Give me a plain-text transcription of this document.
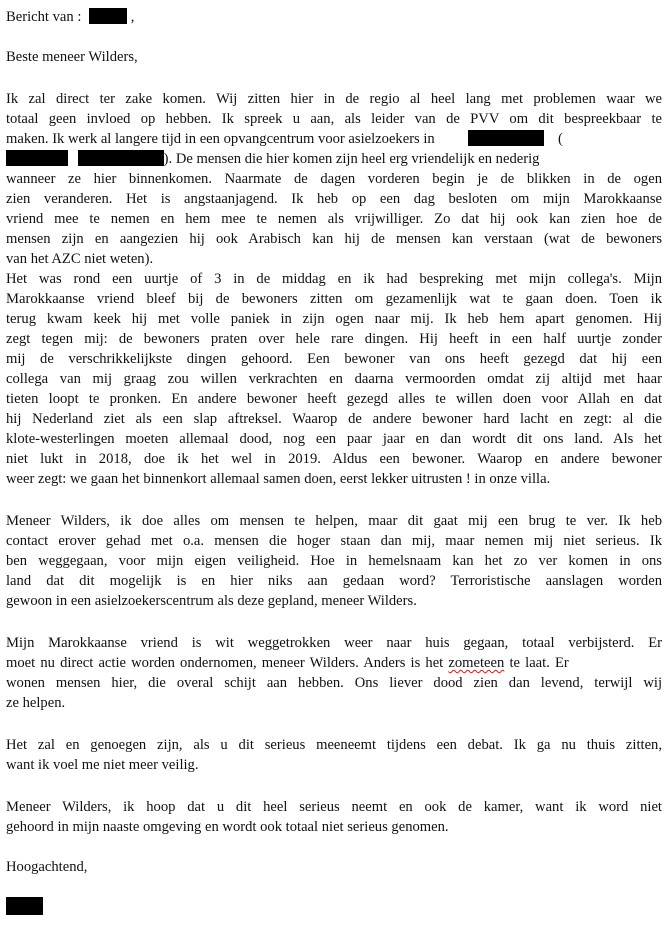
Bericht van :	,
Beste meneer Wilders,
Ik zal direct ter zake komen. Wij zitten hier in de regio al heel lang met problemen waar we
totaal geen invloed op hebben. Ik spreek u aan, als leider van de PVV om dit bespreekbaar te
maken. Ik werk al langere tijd in een opvangcentrum voor asielzoekers in	(
). De mensen die hier komen zijn heel erg vriendelijk en nederig
wanneer ze hier binnenkomen. Naarmate de dagen vorderen begin je de blikken in de ogen
zien veranderen. Het is angstaanjagend. Ik heb op een dag besloten om mijn Marokkaanse
vriend mee te nemen en hem mee te nemen als vrijwilliger. Zo dat hij ook kan zien hoe de
mensen zijn en aangezien hij ook Arabisch kan hij de mensen kan verstaan (wat de bewoners
van het AZC niet weten).
Het was rond een uurtje of 3 in de middag en ik had bespreking met mijn collega's. Mijn
Marokkaanse vriend bleef bij de bewoners zitten om gezamenlijk wat te gaan doen. Toen ik
terug kwam keek hij met volle paniek in zijn ogen naar mij. Ik heb hem apart genomen. Hij
zegt tegen mij: de bewoners praten over hele rare dingen. Hij heeft in een half uurtje zonder
mij de verschrikkelijkste dingen gehoord. Een bewoner van ons heeft gezegd dat hij een
collega van mij graag zou willen verkrachten en daarna vermoorden omdat zij altijd met haar
tieten loopt te pronken. En andere bewoner heeft gezegd alles te willen doen voor Allah en dat
hij Nederland ziet als een slap aftreksel. Waarop de andere bewoner hard lacht en zegt: al die
klote-westerlingen moeten allemaal dood, nog een paar jaar en dan wordt dit ons land. Als het
niet lukt in 2018, doe ik het wel in 2019. Aldus een bewoner. Waarop en andere bewoner
weer zegt: we gaan het binnenkort allemaal samen doen, eerst lekker uitrusten ! in onze villa.
Meneer Wilders, ik doe alles om mensen te helpen, maar dit gaat mij een brug te ver. Ik heb
contact erover gehad met o.a. mensen die hoger staan dan mij, maar nemen mij niet serieus. Ik
ben weggegaan, voor mijn eigen veiligheid. Hoe in hemelsnaam kan het zo ver komen in ons
land dat dit mogelijk is en hier niks aan gedaan word? Terroristische aanslagen worden
gewoon in een asielzoekerscentrum als deze gepland, meneer Wilders.
Mijn Marokkaanse vriend is wit weggetrokken weer naar huis gegaan, totaal verbijsterd. Er
moet nu direct actie worden ondernomen, meneer Wilders. Anders is het zometeen te laat. Er
wonen mensen hier, die overal schijt aan hebben. Ons liever dood zien dan levend, terwijl wij
ze helpen.
Het zal en genoegen zijn, als u dit serieus meeneemt tijdens een debat. Ik ga nu thuis zitten,
want ik voel me niet meer veilig.
Meneer Wilders, ik hoop dat u dit heel serieus neemt en ook de kamer, want ik word niet
gehoord in mijn naaste omgeving en wordt ook totaal niet serieus genomen.
Hoogachtend,
